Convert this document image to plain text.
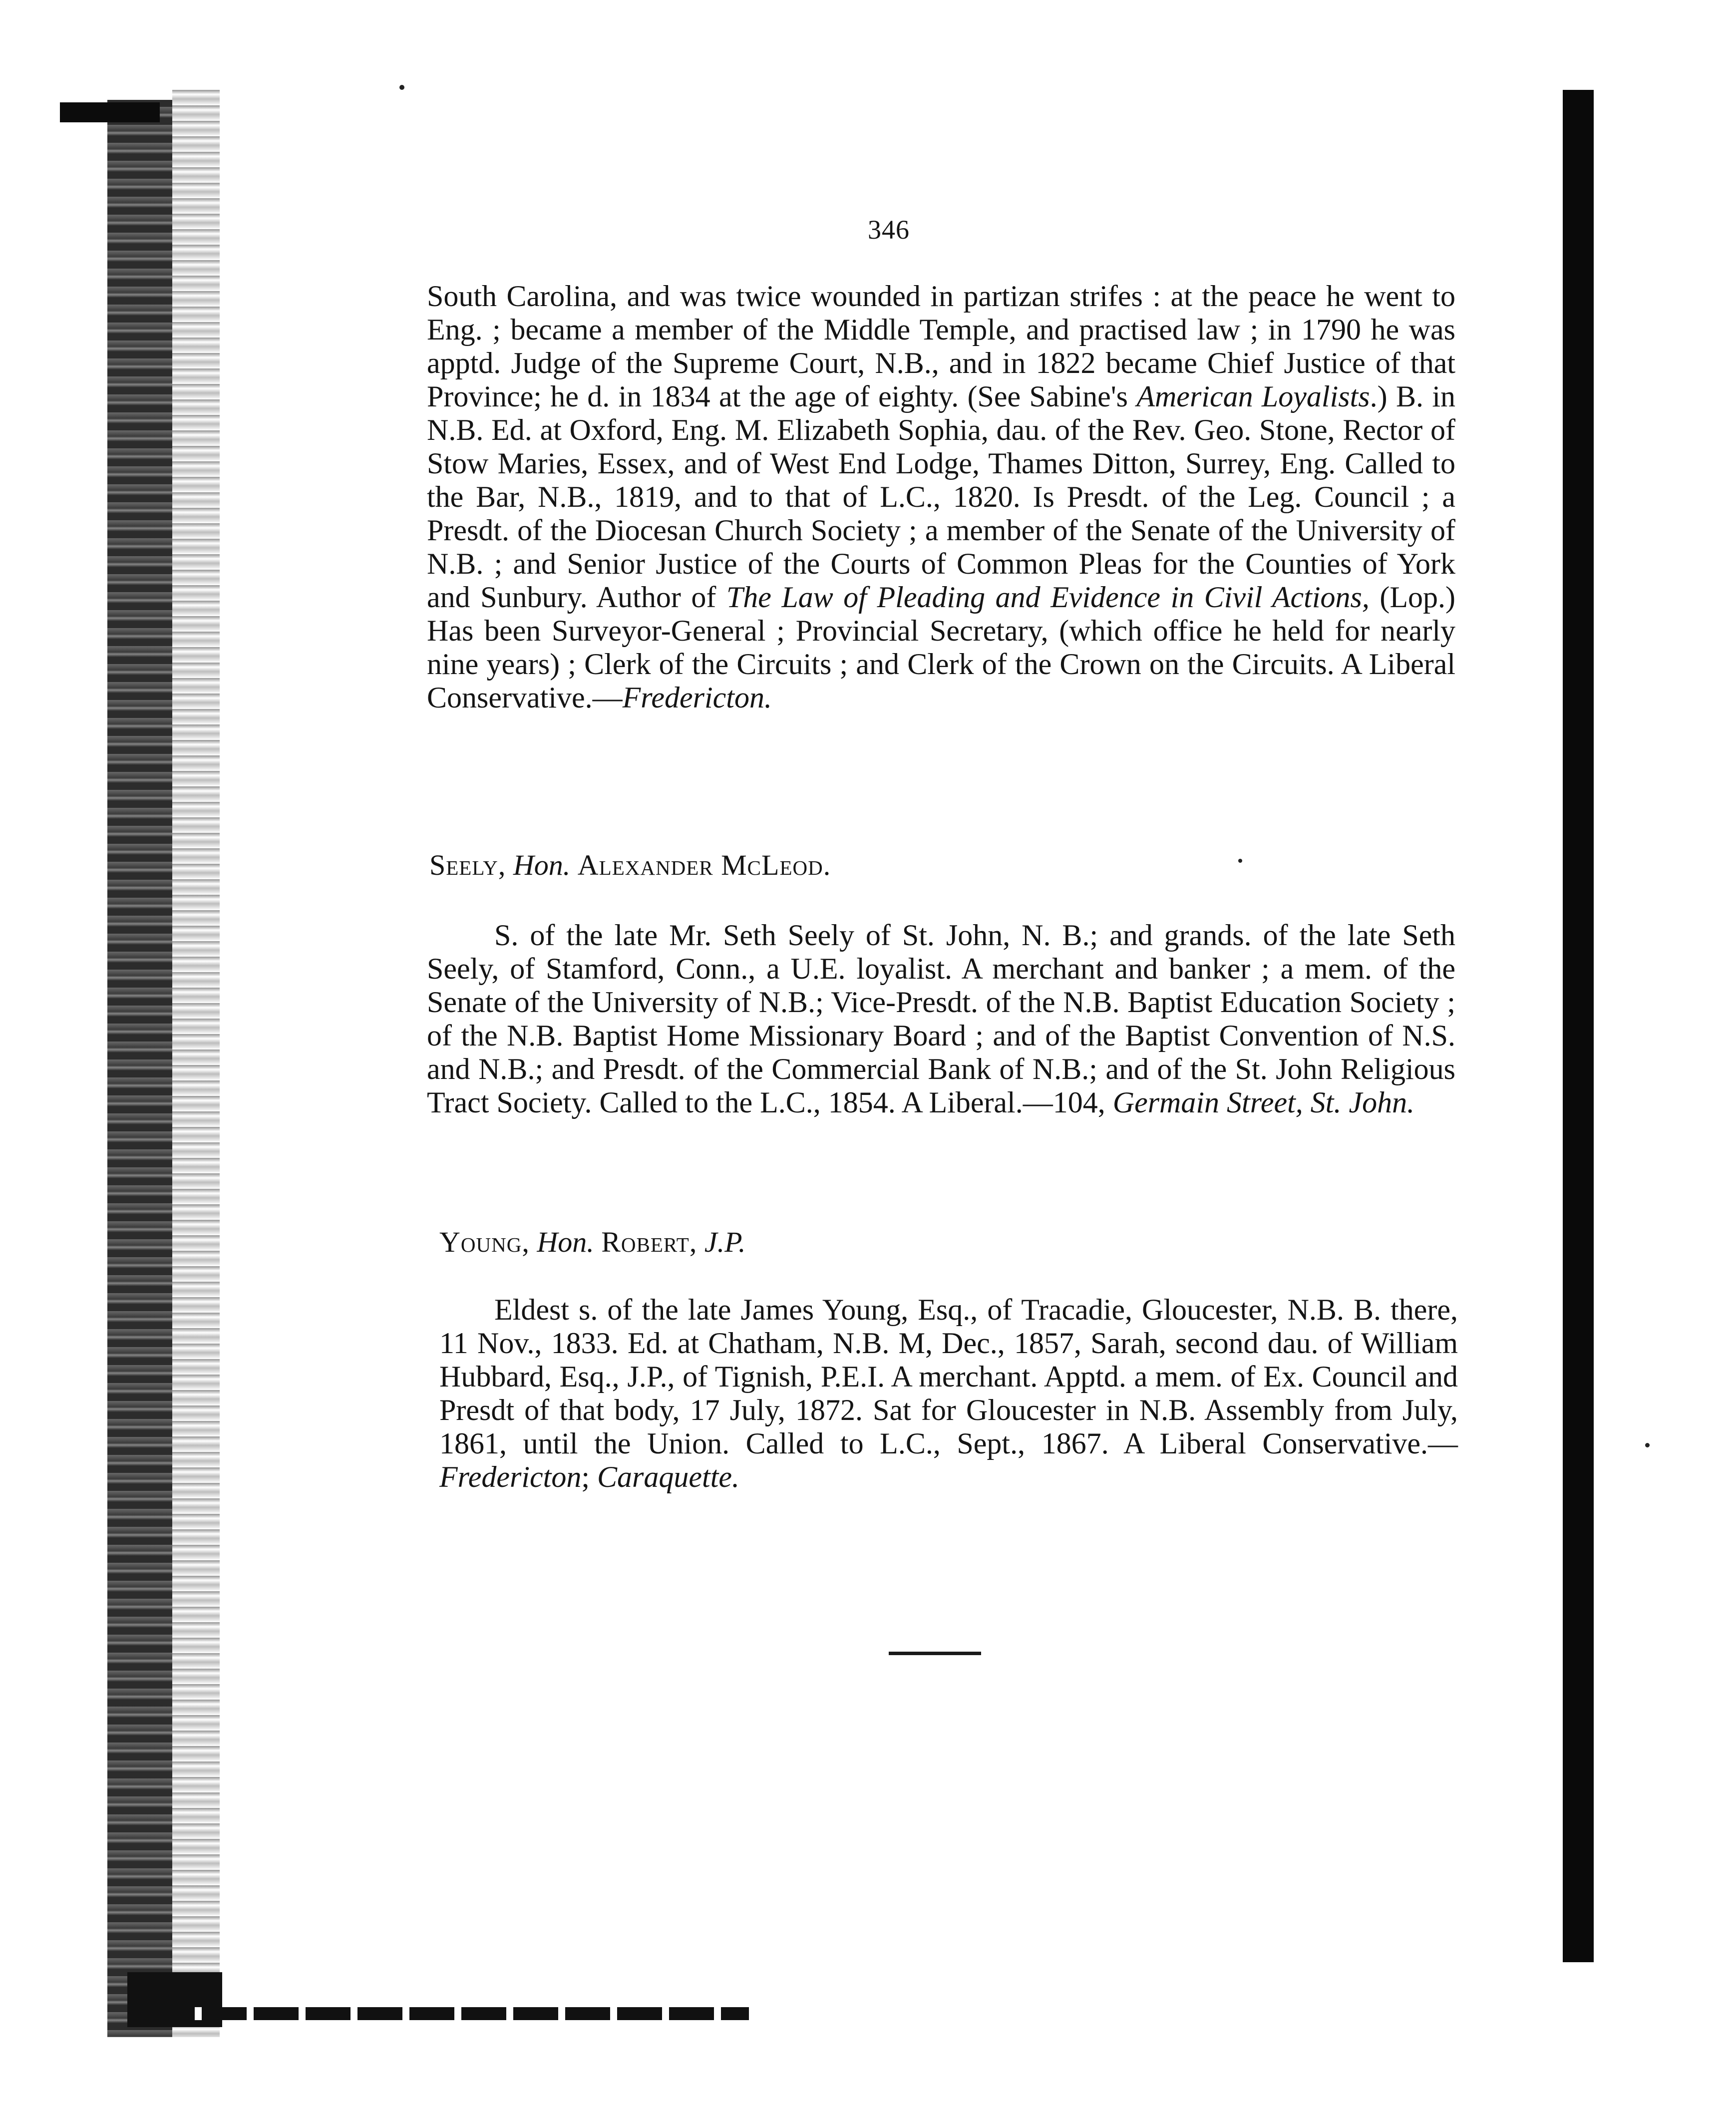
346
South Carolina, and was twice wounded in partizan strifes : at the peace he went to Eng. ; became a member of the Middle Temple, and practised law ; in 1790 he was apptd. Judge of the Supreme Court, N.B., and in 1822 became Chief Justice of that Province; he d. in 1834 at the age of eighty. (See Sabine's American Loyalists.) B. in N.B. Ed. at Oxford, Eng. M. Elizabeth Sophia, dau. of the Rev. Geo. Stone, Rector of Stow Maries, Essex, and of West End Lodge, Thames Ditton, Surrey, Eng. Called to the Bar, N.B., 1819, and to that of L.C., 1820. Is Presdt. of the Leg. Council ; a Presdt. of the Diocesan Church Society ; a member of the Senate of the University of N.B. ; and Senior Justice of the Courts of Common Pleas for the Counties of York and Sunbury. Author of The Law of Pleading and Evidence in Civil Actions, (Lop.) Has been Surveyor-General ; Provincial Secretary, (which office he held for nearly nine years) ; Clerk of the Circuits ; and Clerk of the Crown on the Circuits. A Liberal Conservative.—Fredericton.
Seely, Hon. Alexander McLeod.
S. of the late Mr. Seth Seely of St. John, N. B.; and grands. of the late Seth Seely, of Stamford, Conn., a U.E. loyalist. A merchant and banker ; a mem. of the Senate of the University of N.B.; Vice-Presdt. of the N.B. Baptist Education Society ; of the N.B. Baptist Home Missionary Board ; and of the Baptist Convention of N.S. and N.B.; and Presdt. of the Commercial Bank of N.B.; and of the St. John Religious Tract Society. Called to the L.C., 1854. A Liberal.—104, Germain Street, St. John.
Young, Hon. Robert, J.P.
Eldest s. of the late James Young, Esq., of Tracadie, Gloucester, N.B. B. there, 11 Nov., 1833. Ed. at Chatham, N.B. M, Dec., 1857, Sarah, second dau. of William Hubbard, Esq., J.P., of Tignish, P.E.I. A merchant. Apptd. a mem. of Ex. Council and Presdt of that body, 17 July, 1872. Sat for Gloucester in N.B. Assembly from July, 1861, until the Union. Called to L.C., Sept., 1867. A Liberal Conservative.—Fredericton; Caraquette.
